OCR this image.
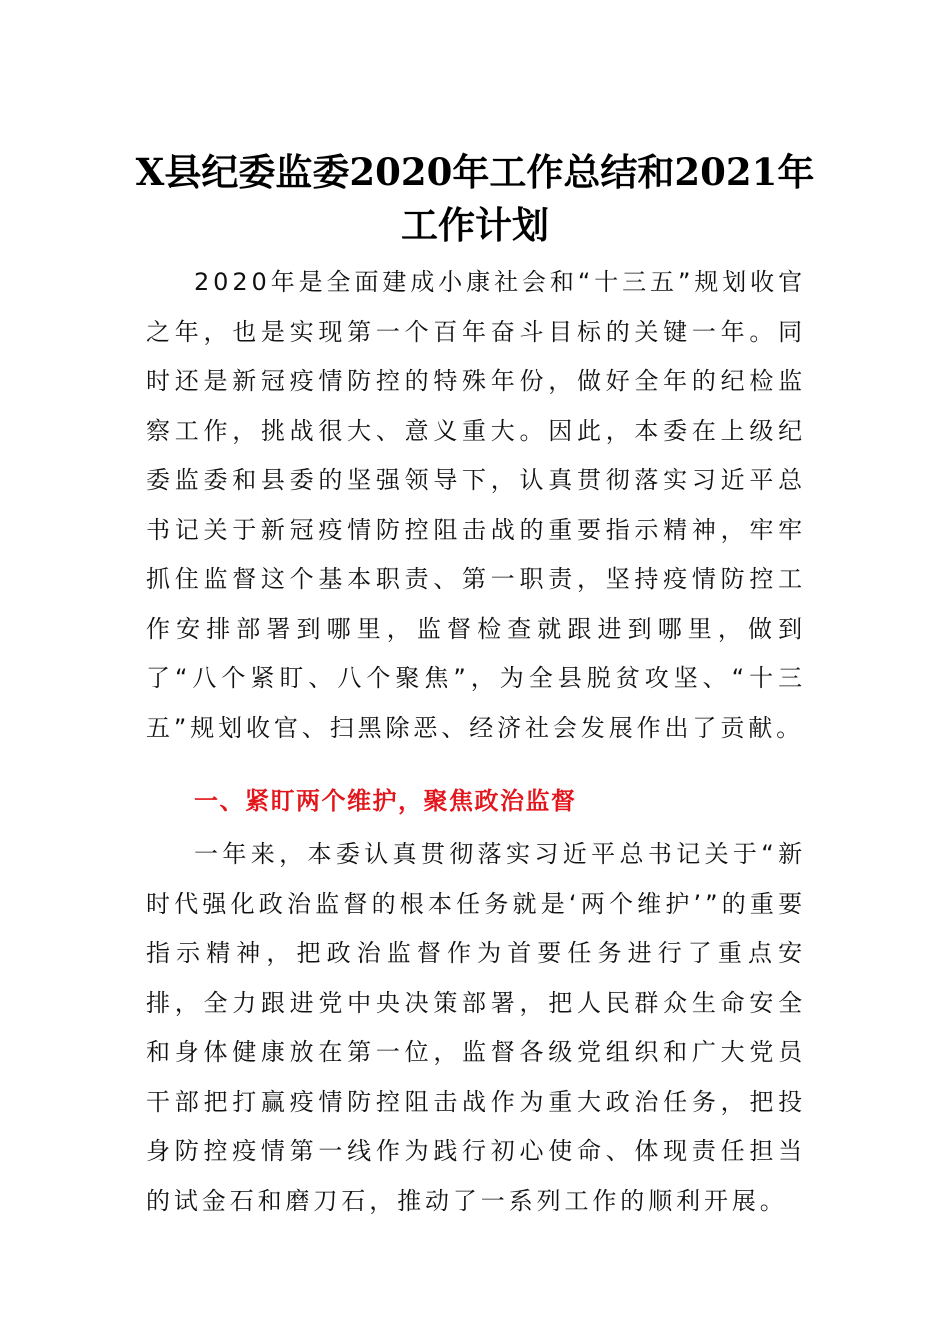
X县纪委监委2020年工作总结和2021年工作计划

2020年是全面建成小康社会和“十三五”规划收官之年，也是实现第一个百年奋斗目标的关键一年。同时还是新冠疫情防控的特殊年份，做好全年的纪检监察工作，挑战很大、意义重大。因此，本委在上级纪委监委和县委的坚强领导下，认真贯彻落实习近平总书记关于新冠疫情防控阻击战的重要指示精神，牢牢抓住监督这个基本职责、第一职责，坚持疫情防控工作安排部署到哪里，监督检查就跟进到哪里，做到了“八个紧盯、八个聚焦”，为全县脱贫攻坚、“十三五”规划收官、扫黑除恶、经济社会发展作出了贡献。

一、紧盯两个维护，聚焦政治监督

一年来，本委认真贯彻落实习近平总书记关于“新时代强化政治监督的根本任务就是‘两个维护’”的重要指示精神，把政治监督作为首要任务进行了重点安排，全力跟进党中央决策部署，把人民群众生命安全和身体健康放在第一位，监督各级党组织和广大党员干部把打赢疫情防控阻击战作为重大政治任务，把投身防控疫情第一线作为践行初心使命、体现责任担当的试金石和磨刀石，推动了一系列工作的顺利开展。
